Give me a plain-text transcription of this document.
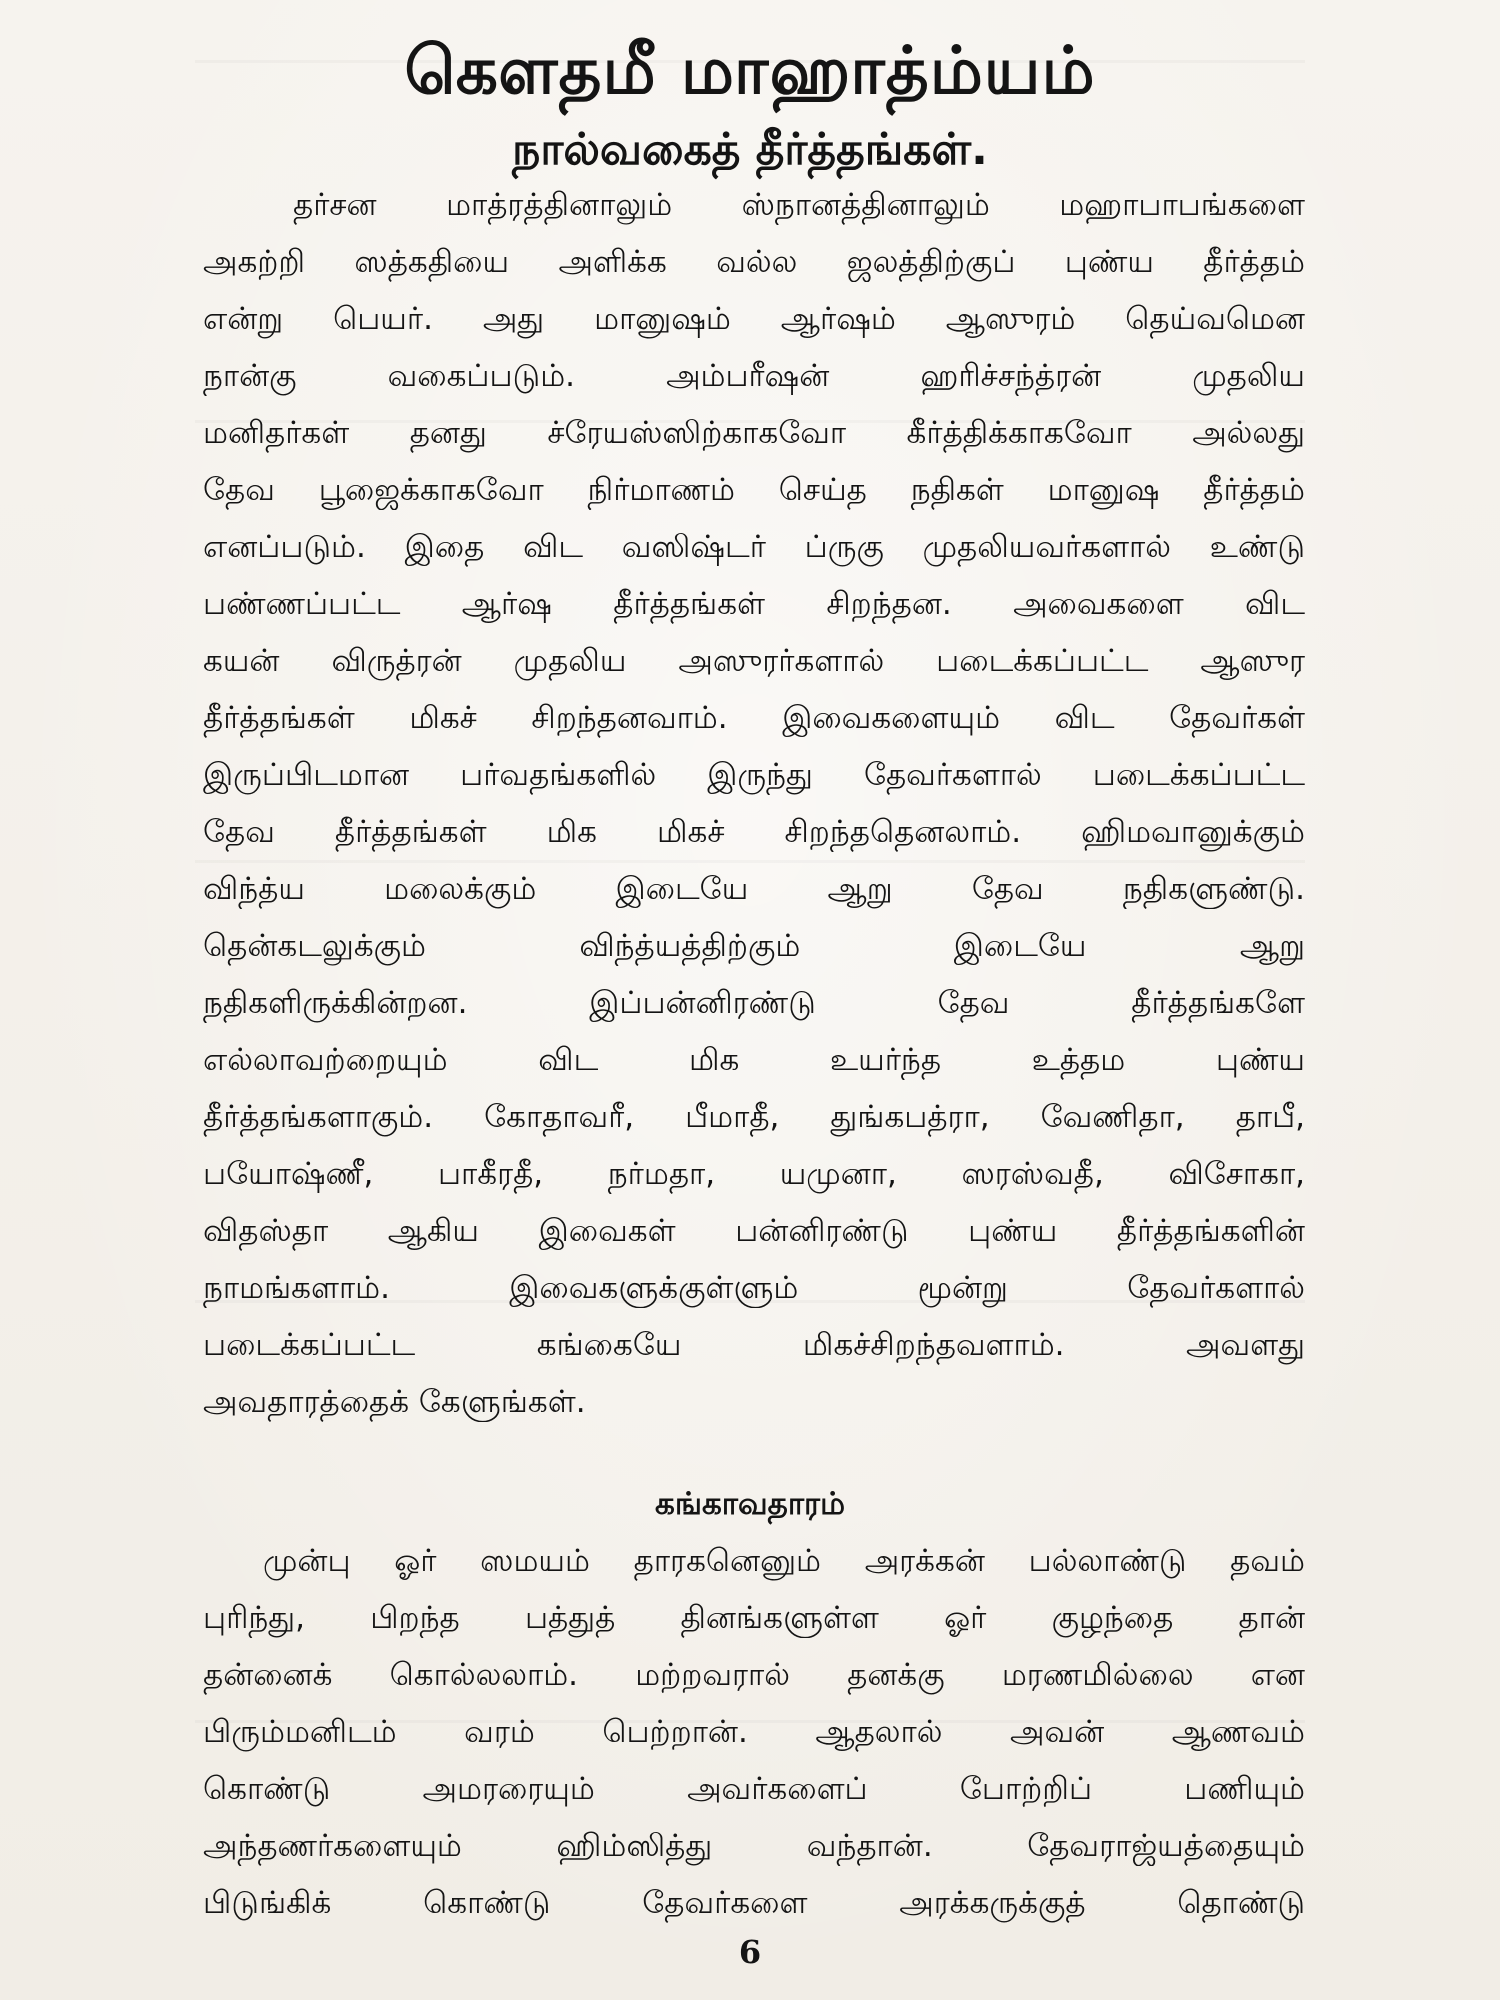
கௌதமீ மாஹாத்ம்யம்
நால்வகைத் தீர்த்தங்கள்.
தர்சன மாத்ரத்தினாலும் ஸ்நானத்தினாலும் மஹாபாபங்களை
அகற்றி ஸத்கதியை அளிக்க வல்ல ஜலத்திற்குப் புண்ய தீர்த்தம்
என்று பெயர். அது மானுஷம் ஆர்ஷம் ஆஸுரம் தெய்வமென
நான்கு வகைப்படும். அம்பரீஷன் ஹரிச்சந்த்ரன் முதலிய
மனிதர்கள் தனது ச்ரேயஸ்ஸிற்காகவோ கீர்த்திக்காகவோ அல்லது
தேவ பூஜைக்காகவோ நிர்மாணம் செய்த நதிகள் மானுஷ தீர்த்தம்
எனப்படும். இதை விட வஸிஷ்டர் ப்ருகு முதலியவர்களால் உண்டு
பண்ணப்பட்ட ஆர்ஷ தீர்த்தங்கள் சிறந்தன. அவைகளை விட
கயன் விருத்ரன் முதலிய அஸுரர்களால் படைக்கப்பட்ட ஆஸுர
தீர்த்தங்கள் மிகச் சிறந்தனவாம். இவைகளையும் விட தேவர்கள்
இருப்பிடமான பர்வதங்களில் இருந்து தேவர்களால் படைக்கப்பட்ட
தேவ தீர்த்தங்கள் மிக மிகச் சிறந்ததெனலாம். ஹிமவானுக்கும்
விந்த்ய மலைக்கும் இடையே ஆறு தேவ நதிகளுண்டு.
தென்கடலுக்கும் விந்த்யத்திற்கும் இடையே ஆறு
நதிகளிருக்கின்றன. இப்பன்னிரண்டு தேவ தீர்த்தங்களே
எல்லாவற்றையும் விட மிக உயர்ந்த உத்தம புண்ய
தீர்த்தங்களாகும். கோதாவரீ, பீமாதீ, துங்கபத்ரா, வேணிதா, தாபீ,
பயோஷ்ணீ, பாகீரதீ, நர்மதா, யமுனா, ஸரஸ்வதீ, விசோகா,
விதஸ்தா ஆகிய இவைகள் பன்னிரண்டு புண்ய தீர்த்தங்களின்
நாமங்களாம். இவைகளுக்குள்ளும் மூன்று தேவர்களால்
படைக்கப்பட்ட கங்கையே மிகச்சிறந்தவளாம். அவளது
அவதாரத்தைக் கேளுங்கள்.
கங்காவதாரம்
முன்பு ஓர் ஸமயம் தாரகனெனும் அரக்கன் பல்லாண்டு தவம்
புரிந்து, பிறந்த பத்துத் தினங்களுள்ள ஓர் குழந்தை தான்
தன்னைக் கொல்லலாம். மற்றவரால் தனக்கு மரணமில்லை என
பிரும்மனிடம் வரம் பெற்றான். ஆதலால் அவன் ஆணவம்
கொண்டு அமரரையும் அவர்களைப் போற்றிப் பணியும்
அந்தணர்களையும் ஹிம்ஸித்து வந்தான். தேவராஜ்யத்தையும்
பிடுங்கிக் கொண்டு தேவர்களை அரக்கருக்குத் தொண்டு
6
